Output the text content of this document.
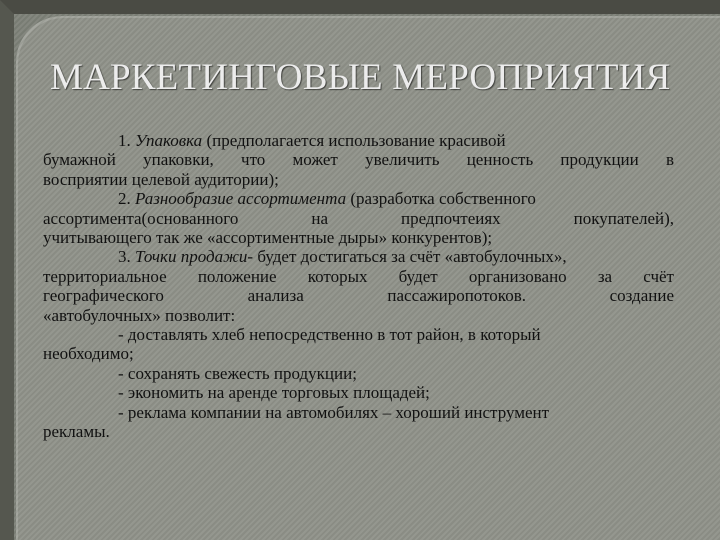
МАРКЕТИНГОВЫЕ МЕРОПРИЯТИЯ

1. Упаковка (предполагается использование красивой

бумажной упаковки, что может увеличить ценность продукции в

восприятии целевой аудитории);

2. Разнообразие ассортимента (разработка собственного

ассортимента(основанного на предпочтеиях покупателей),

учитывающего так же «ассортиментные дыры» конкурентов);

3. Точки продажи- будет достигаться за счёт «автобулочных»,

территориальное положение которых будет организовано за счёт

географического анализа пассажиропотоков. создание

«автобулочных» позволит:

- доставлять хлеб непосредственно в тот район, в который

необходимо;

- сохранять свежесть продукции;

- экономить на аренде торговых площадей;

- реклама компании на автомобилях – хороший инструмент

рекламы.
